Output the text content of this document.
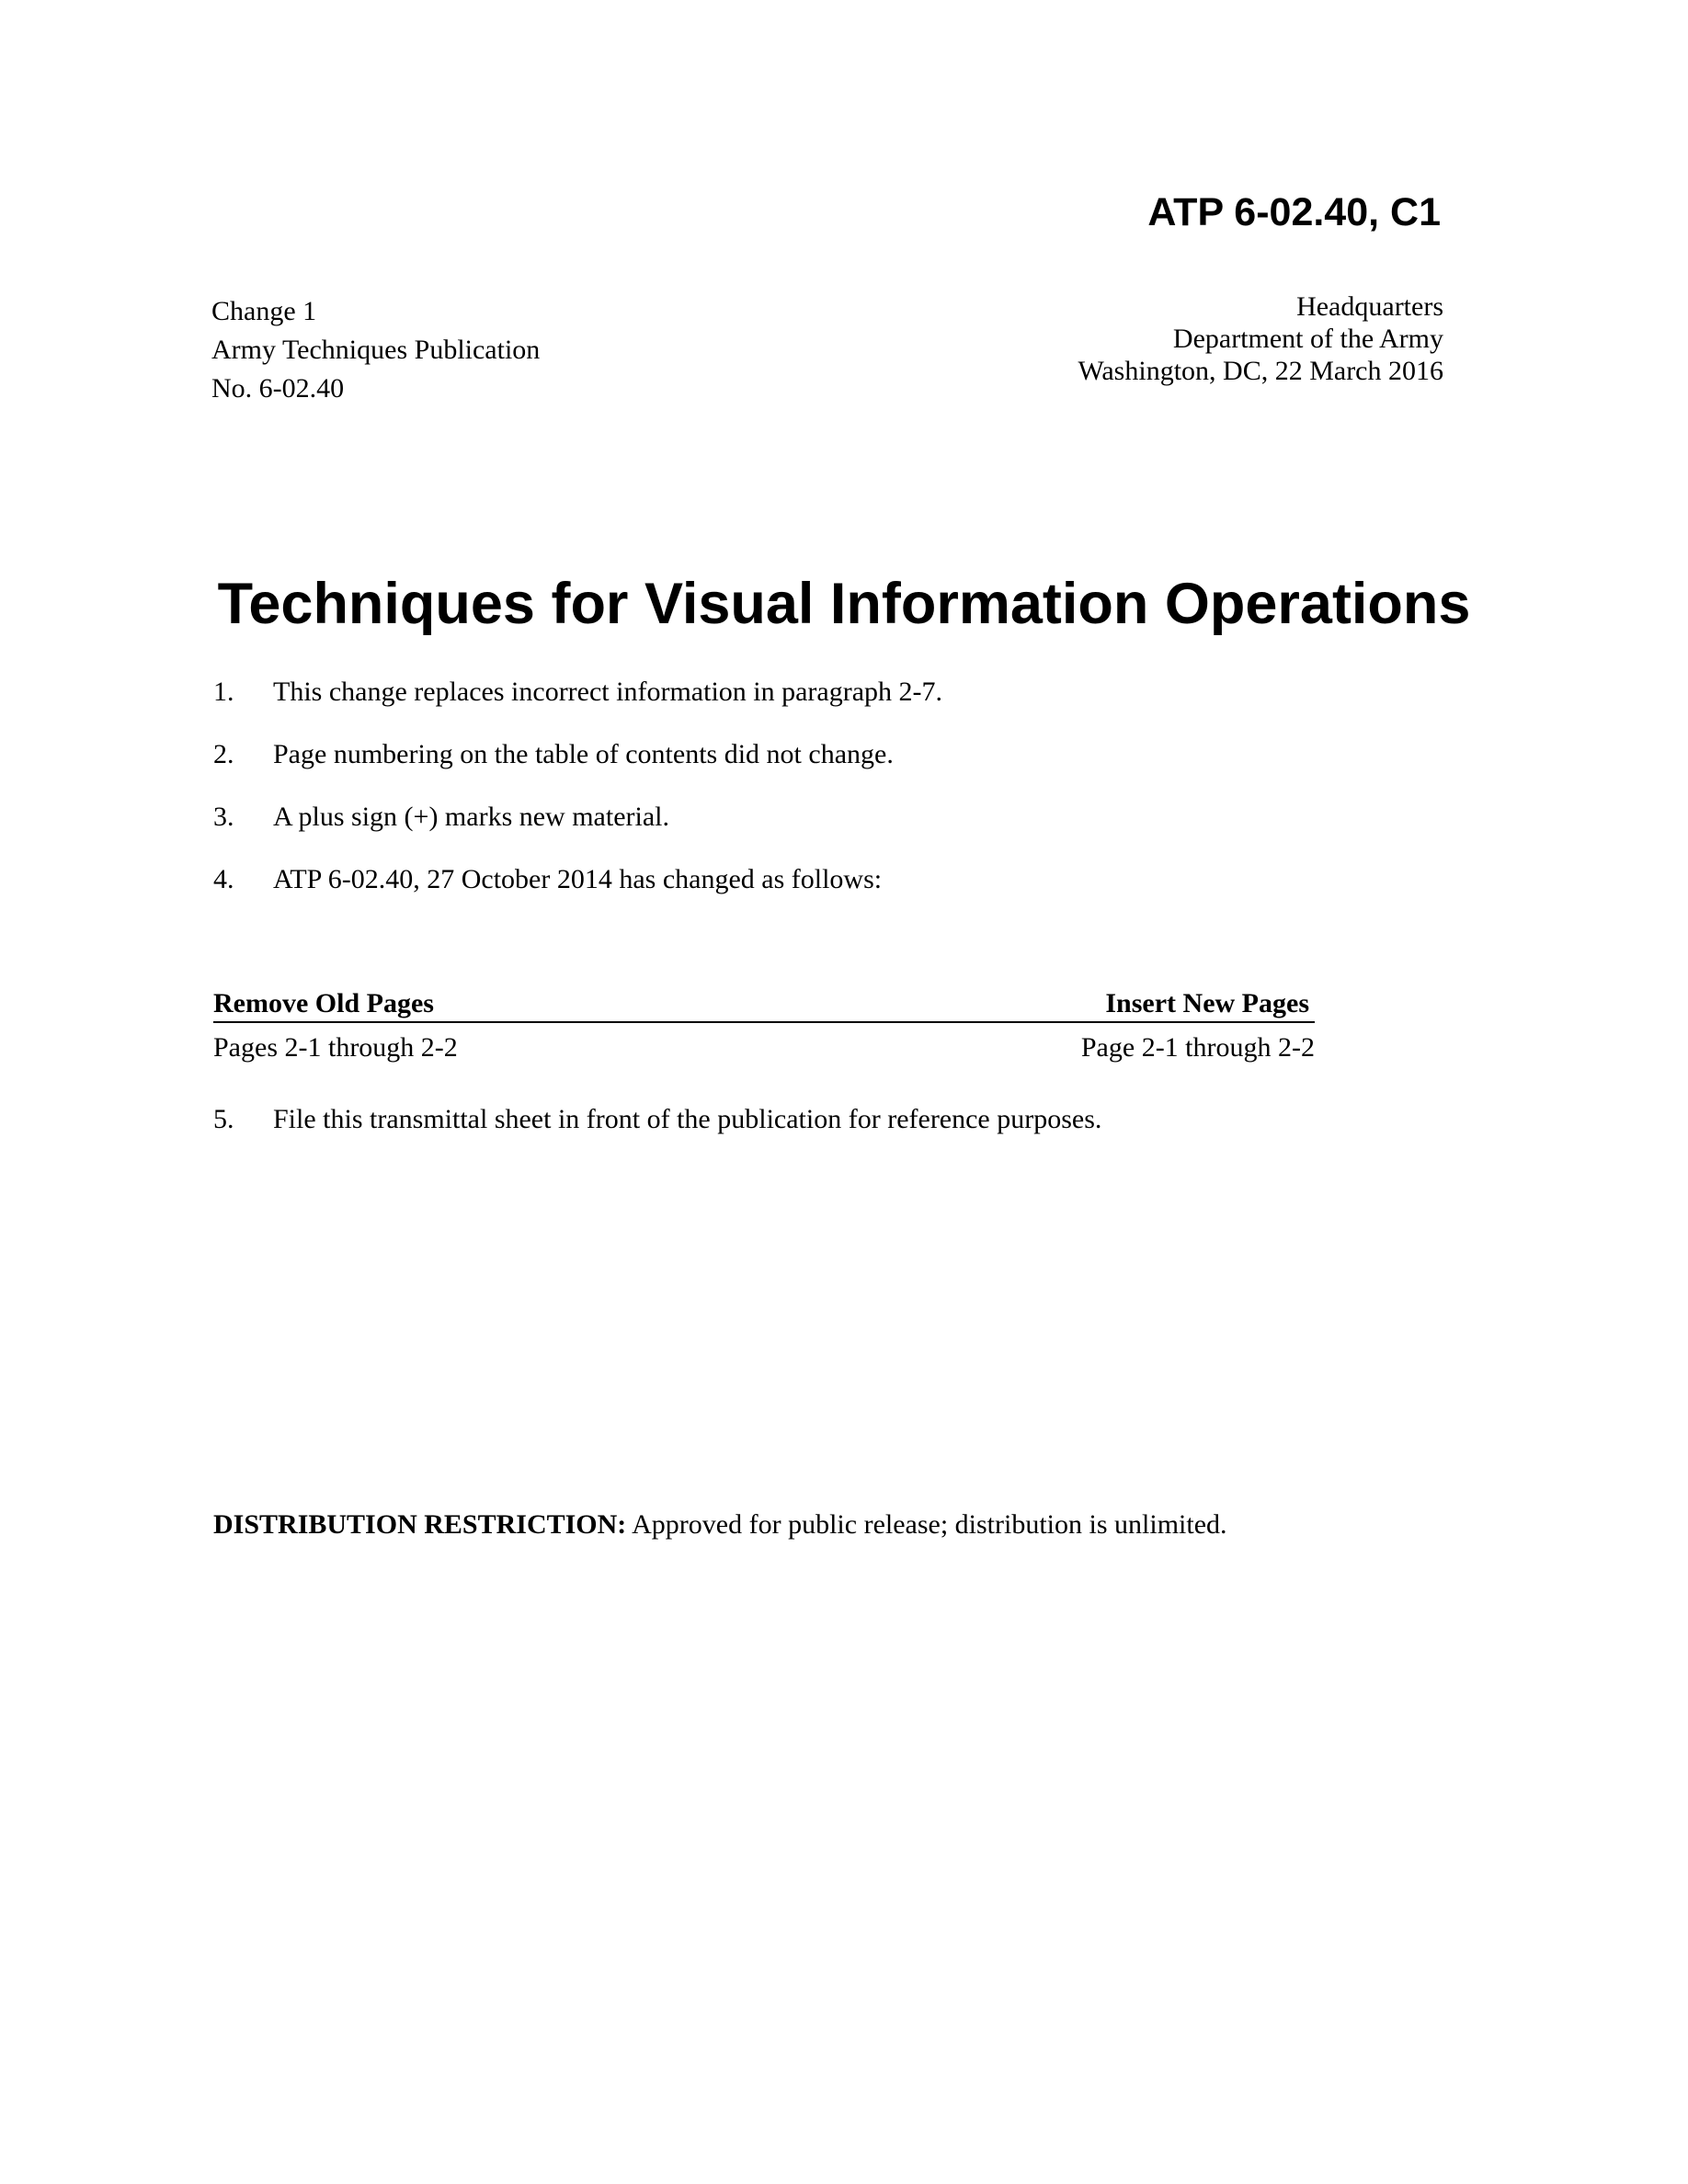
ATP 6-02.40, C1
Change 1
Army Techniques Publication
No. 6-02.40
Headquarters
Department of the Army
Washington, DC, 22 March 2016
Techniques for Visual Information Operations
1. This change replaces incorrect information in paragraph 2-7.
2. Page numbering on the table of contents did not change.
3. A plus sign (+) marks new material.
4. ATP 6-02.40, 27 October 2014 has changed as follows:
Remove Old Pages	Insert New Pages
Pages 2-1 through 2-2	Page 2-1 through 2-2
5. File this transmittal sheet in front of the publication for reference purposes.
DISTRIBUTION RESTRICTION: Approved for public release; distribution is unlimited.
